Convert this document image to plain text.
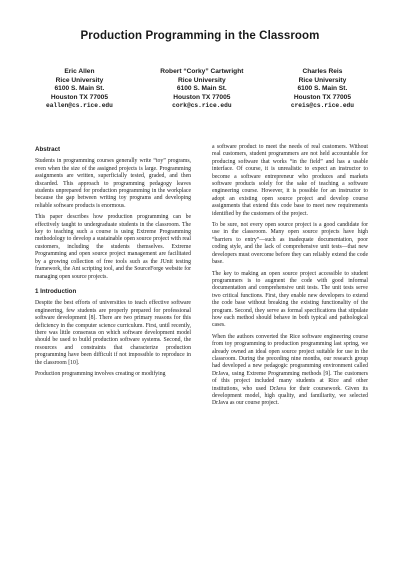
Production Programming in the Classroom
Eric Allen
Rice University
6100 S. Main St.
Houston TX 77005
eallen@cs.rice.edu
Robert “Corky” Cartwright
Rice University
6100 S. Main St.
Houston TX 77005
cork@cs.rice.edu
Charles Reis
Rice University
6100 S. Main St.
Houston TX 77005
creis@cs.rice.edu
Abstract

Students in programming courses generally write “toy” programs, even when the size of the assigned projects is large. Programming assignments are written, superficially tested, graded, and then discarded. This approach to programming pedagogy leaves students unprepared for production programming in the workplace because the gap between writing toy programs and developing reliable software products is enormous.

This paper describes how production programming can be effectively taught to undergraduate students in the classroom. The key to teaching such a course is using Extreme Programming methodology to develop a sustainable open source project with real customers, including the students themselves. Extreme Programming and open source project management are facilitated by a growing collection of free tools such as the JUnit testing framework, the Ant scripting tool, and the SourceForge website for managing open source projects.

1 Introduction

Despite the best efforts of universities to teach effective software engineering, few students are properly prepared for professional software development [8]. There are two primary reasons for this deficiency in the computer science curriculum. First, until recently, there was little consensus on which software development model should be used to build production software systems. Second, the resources and constraints that characterize production programming have been difficult if not impossible to reproduce in the classroom [10].

Production programming involves creating or modifying

a software product to meet the needs of real customers. Without real customers, student programmers are not held accountable for producing software that works “in the field” and has a usable interface. Of course, it is unrealistic to expect an instructor to become a software entrepreneur who produces and markets software products solely for the sake of teaching a software engineering course. However, it is possible for an instructor to adopt an existing open source project and develop course assignments that extend this code base to meet new requirements identified by the customers of the project.

To be sure, not every open source project is a good candidate for use in the classroom. Many open source projects have high “barriers to entry”—such as inadequate documentation, poor coding style, and the lack of comprehensive unit tests—that new developers must overcome before they can reliably extend the code base.

The key to making an open source project accessible to student programmers is to augment the code with good informal documentation and comprehensive unit tests. The unit tests serve two critical functions. First, they enable new developers to extend the code base without breaking the existing functionality of the program. Second, they serve as formal specifications that stipulate how each method should behave in both typical and pathological cases.

When the authors converted the Rice software engineering course from toy programming to production programming last spring, we already owned an ideal open source project suitable for use in the classroom. During the preceding nine months, our research group had developed a new pedagogic programming environment called DrJava, using Extreme Programming methods [9]. The customers of this project included many students at Rice and other institutions, who used DrJava for their coursework. Given its development model, high quality, and familiarity, we selected DrJava as our course project.
